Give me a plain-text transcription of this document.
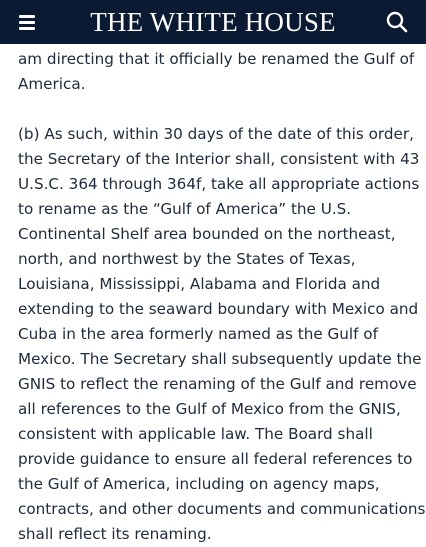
THE WHITE HOUSE
am directing that it officially be renamed the Gulf of
America.
(b) As such, within 30 days of the date of this order,
the Secretary of the Interior shall, consistent with 43
U.S.C. 364 through 364f, take all appropriate actions
to rename as the “Gulf of America” the U.S.
Continental Shelf area bounded on the northeast,
north, and northwest by the States of Texas,
Louisiana, Mississippi, Alabama and Florida and
extending to the seaward boundary with Mexico and
Cuba in the area formerly named as the Gulf of
Mexico. The Secretary shall subsequently update the
GNIS to reflect the renaming of the Gulf and remove
all references to the Gulf of Mexico from the GNIS,
consistent with applicable law. The Board shall
provide guidance to ensure all federal references to
the Gulf of America, including on agency maps,
contracts, and other documents and communications
shall reflect its renaming.
